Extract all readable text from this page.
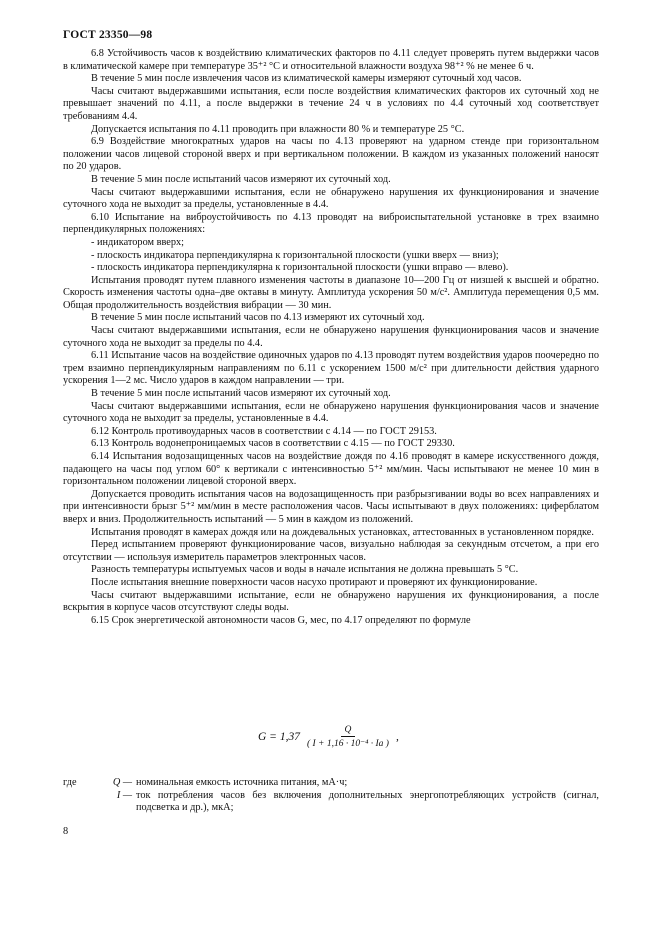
ГОСТ 23350—98

6.8 Устойчивость часов к воздействию климатических факторов по 4.11 следует проверять путем выдержки часов в климатической камере при температуре 35⁺² °С и относительной влажности воздуха 98⁺² % не менее 6 ч.

В течение 5 мин после извлечения часов из климатической камеры измеряют суточный ход часов.

Часы считают выдержавшими испытания, если после воздействия климатических факторов их суточный ход не превышает значений по 4.11, а после выдержки в течение 24 ч в условиях по 4.4 суточный ход соответствует требованиям 4.4.

Допускается испытания по 4.11 проводить при влажности 80 % и температуре 25 °С.

6.9 Воздействие многократных ударов на часы по 4.13 проверяют на ударном стенде при горизонтальном положении часов лицевой стороной вверх и при вертикальном положении. В каждом из указанных положений наносят по 20 ударов.

В течение 5 мин после испытаний часов измеряют их суточный ход.

Часы считают выдержавшими испытания, если не обнаружено нарушения их функционирования и значение суточного хода не выходит за пределы, установленные в 4.4.

6.10 Испытание на виброустойчивость по 4.13 проводят на виброиспытательной установке в трех взаимно перпендикулярных положениях:

- индикатором вверх;

- плоскость индикатора перпендикулярна к горизонтальной плоскости (ушки вверх — вниз);

- плоскость индикатора перпендикулярна к горизонтальной плоскости (ушки вправо — влево).

Испытания проводят путем плавного изменения частоты в диапазоне 10—200 Гц от низшей к высшей и обратно. Скорость изменения частоты одна–две октавы в минуту. Амплитуда ускорения 50 м/с². Амплитуда перемещения 0,5 мм. Общая продолжительность воздействия вибрации — 30 мин.

В течение 5 мин после испытаний часов по 4.13 измеряют их суточный ход.

Часы считают выдержавшими испытания, если не обнаружено нарушения функционирования часов и значение суточного хода не выходит за пределы по 4.4.

6.11 Испытание часов на воздействие одиночных ударов по 4.13 проводят путем воздействия ударов поочередно по трем взаимно перпендикулярным направлениям по 6.11 с ускорением 1500 м/с² при длительности действия ударного ускорения 1—2 мс. Число ударов в каждом направлении — три.

В течение 5 мин после испытаний часов измеряют их суточный ход.

Часы считают выдержавшими испытания, если не обнаружено нарушения функционирования часов и значение суточного хода не выходит за пределы, установленные в 4.4.

6.12 Контроль противоударных часов в соответствии с 4.14 — по ГОСТ 29153.

6.13 Контроль водонепроницаемых часов в соответствии с 4.15 — по ГОСТ 29330.

6.14 Испытания водозащищенных часов на воздействие дождя по 4.16 проводят в камере искусственного дождя, падающего на часы под углом 60° к вертикали с интенсивностью 5⁺² мм/мин. Часы испытывают не менее 10 мин в горизонтальном положении лицевой стороной вверх.

Допускается проводить испытания часов на водозащищенность при разбрызгивании воды во всех направлениях и при интенсивности брызг 5⁺² мм/мин в месте расположения часов. Часы испытывают в двух положениях: циферблатом вверх и вниз. Продолжительность испытаний — 5 мин в каждом из положений.

Испытания проводят в камерах дождя или на дождевальных установках, аттестованных в установленном порядке.

Перед испытанием проверяют функционирование часов, визуально наблюдая за секундным отсчетом, а при его отсутствии — используя измеритель параметров электронных часов.

Разность температуры испытуемых часов и воды в начале испытания не должна превышать 5 °С.

После испытания внешние поверхности часов насухо протирают и проверяют их функционирование.

Часы считают выдержавшими испытание, если не обнаружено нарушения их функционирования, а после вскрытия в корпусе часов отсутствуют следы воды.

6.15 Срок энергетической автономности часов G, мес, по 4.17 определяют по формуле

$G = 1,37 \frac{Q}{\text{( I + 1,16 · 10⁻⁴ · Iа )}}$ ,
где	Q — номинальная емкость источника питания, мА·ч;
I — ток потребления часов без включения дополнительных энергопотребляющих устройств (сигнал, подсветка и др.), мкА;
8
